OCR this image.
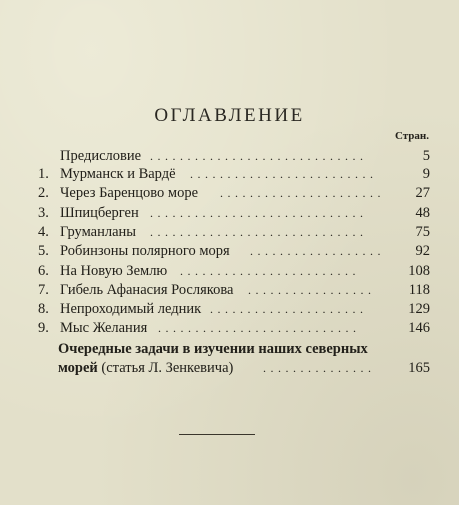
ОГЛАВЛЕНИЕ
Стран.
Предисловие .............................	5
1. Мурманск и Вардё .........................	9
2. Через Баренцово море ......................	27
3. Шпицберген .............................	48
4. Груманланы .............................	75
5. Робинзоны полярного моря ..................	92
6. На Новую Землю ........................	108
7. Гибель Афанасия Рослякова .................	118
8. Непроходимый ледник .....................	129
9. Мыс Желания ...........................	146
Очередные задачи в изучении наших северных
морей (статья Л. Зенкевича) ...............	165
